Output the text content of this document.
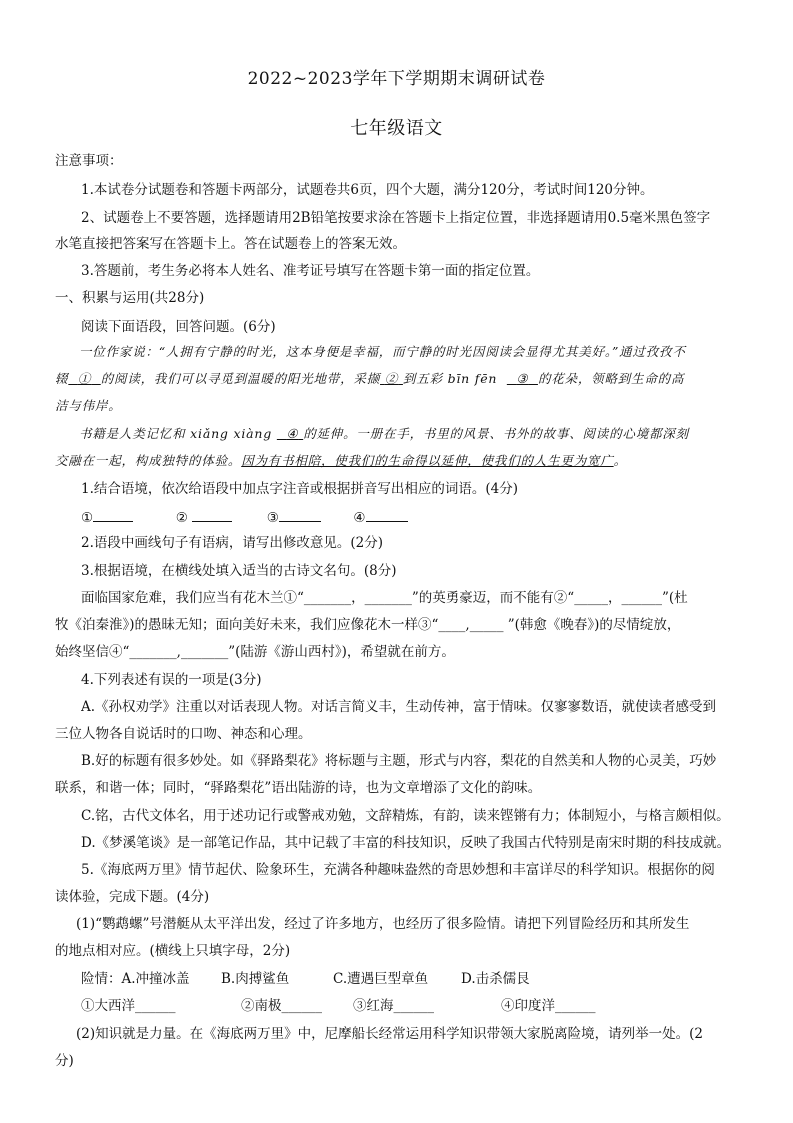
2022~2023学年下学期期末调研试卷
七年级语文
注意事项：
1.本试卷分试题卷和答题卡两部分，试题卷共6页，四个大题，满分120分，考试时间120分钟。
2、试题卷上不要答题，选择题请用2B铅笔按要求涂在答题卡上指定位置，非选择题请用0.5毫米黑色签字
水笔直接把答案写在答题卡上。答在试题卷上的答案无效。
3.答题前，考生务必将本人姓名、准考证号填写在答题卡第一面的指定位置。
一、积累与运用(共28分)
阅读下面语段，回答问题。(6分)
一位作家说：“人拥有宁静的时光，这本身便是幸福，而宁静的时光因阅读会显得尤其美好。”通过孜孜不
辍 ① 的阅读，我们可以寻觅到温暖的阳光地带，采撷 ② 到五彩 bīn fēn ③ 的花朵，领略到生命的高
洁与伟岸。
书籍是人类记忆和 xiǎng xiàng ④ 的延伸。一册在手，书里的风景、书外的故事、阅读的心境都深刻
交融在一起，构成独特的体验。因为有书相陪，使我们的生命得以延伸，使我们的人生更为宽广。
1.结合语境，依次给语段中加点字注音或根据拼音写出相应的词语。(4分)
①	②	③	④
2.语段中画线句子有语病，请写出修改意见。(2分)
3.根据语境，在横线处填入适当的古诗文名句。(8分)
面临国家危难，我们应当有花木兰①“_______，_______”的英勇豪迈，而不能有②“_____，______”(杜
牧《泊秦淮》)的愚昧无知；面向美好未来，我们应像花木一样③“____,_____ ”(韩愈《晚春》)的尽情绽放，
始终坚信④“_______,_______”(陆游《游山西村》)，希望就在前方。
4.下列表述有误的一项是(3分)
A.《孙权劝学》注重以对话表现人物。对话言简义丰，生动传神，富于情味。仅寥寥数语，就使读者感受到
三位人物各自说话时的口吻、神态和心理。
B.好的标题有很多妙处。如《驿路梨花》将标题与主题，形式与内容，梨花的自然美和人物的心灵美，巧妙
联系，和谐一体；同时，“驿路梨花”语出陆游的诗，也为文章增添了文化的韵味。
C.铭，古代文体名，用于述功记行或警戒劝勉，文辞精炼，有韵，读来铿锵有力；体制短小，与格言颇相似。
D.《梦溪笔谈》是一部笔记作品，其中记载了丰富的科技知识，反映了我国古代特别是南宋时期的科技成就。
5.《海底两万里》情节起伏、险象环生，充满各种趣味盎然的奇思妙想和丰富详尽的科学知识。根据你的阅
读体验，完成下题。(4分)
(1)“鹦鹉螺”号潜艇从太平洋出发，经过了许多地方，也经历了很多险情。请把下列冒险经历和其所发生
的地点相对应。(横线上只填字母，2分)
险情：A.冲撞冰盖 B.肉搏鲨鱼	C.遭遇巨型章鱼 D.击杀儒艮
①大西洋______	②南极______ ③红海______	④印度洋______
(2)知识就是力量。在《海底两万里》中，尼摩船长经常运用科学知识带领大家脱离险境，请列举一处。(2
分)
